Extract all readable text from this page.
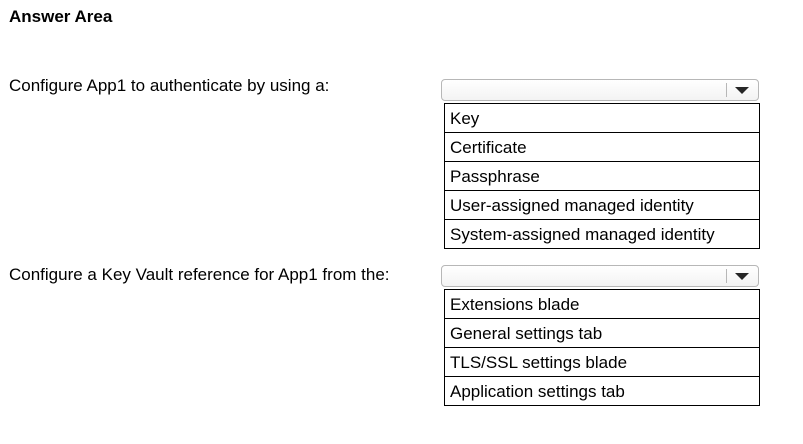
Answer Area
Configure App1 to authenticate by using a:
Key
Certificate
Passphrase
User-assigned managed identity
System-assigned managed identity
Configure a Key Vault reference for App1 from the:
Extensions blade
General settings tab
TLS/SSL settings blade
Application settings tab
